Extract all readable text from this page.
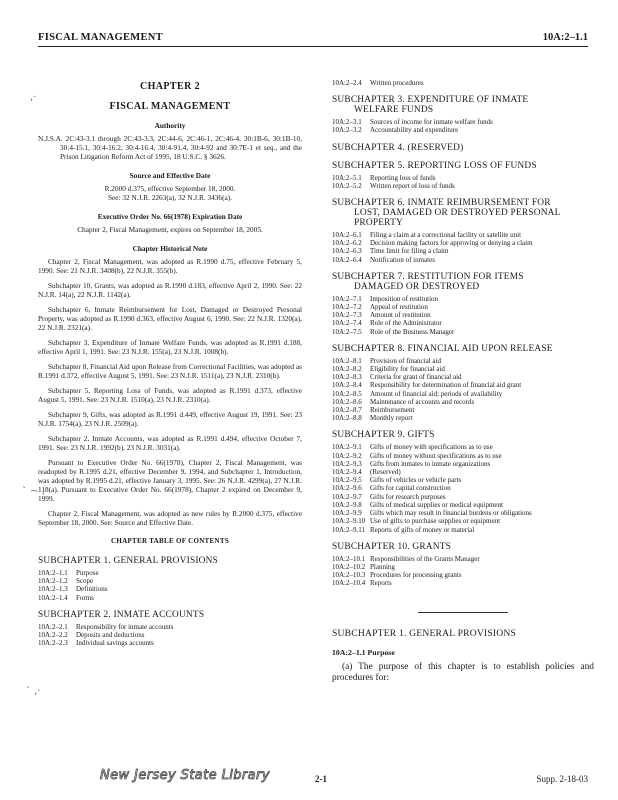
FISCAL MANAGEMENT	10A:2–1.1
,·
` ~ ,
` ,·
CHAPTER 2
FISCAL MANAGEMENT
Authority
N.J.S.A. 2C:43-3.1 through 2C:43-3.3, 2C:44-6, 2C:46-1, 2C:46-4, 30:1B-6, 30:1B-10, 30:4-15.1, 30:4-16.2, 30:4-16.4, 30:4-91.4, 30:4-92 and 30:7E-1 et seq., and the Prison Litigation Reform Act of 1995, 18 U.S.C. § 3626.
Source and Effective Date
R.2000 d.375, effective September 18, 2000.
See: 32 N.J.R. 2263(a), 32 N.J.R. 3436(a).
Executive Order No. 66(1978) Expiration Date
Chapter 2, Fiscal Management, expires on September 18, 2005.
Chapter Historical Note

Chapter 2, Fiscal Management, was adopted as R.1990 d.75, effective February 5, 1990. See: 21 N.J.R. 3408(b), 22 N.J.R. 355(b).

Subchapter 10, Grants, was adopted as R.1990 d.183, effective April 2, 1990. See: 22 N.J.R. 14(a), 22 N.J.R. 1142(a).

Subchapter 6, Inmate Reimbursement for Lost, Damaged or Destroyed Personal Property, was adopted as R.1990 d.363, effective August 6, 1990. See: 22 N.J.R. 1320(a), 22 N.J.R. 2321(a).

Subchapter 3, Expenditure of Inmate Welfare Funds, was adopted as R.1991 d.188, effective April 1, 1991. See: 23 N.J.R. 155(a), 23 N.J.R. 1008(b).

Subchapter 8, Financial Aid upon Release from Correctional Facilities, was adopted as R.1991 d.372, effective August 5, 1991. See: 23 N.J.R. 1511(a), 23 N.J.R. 2310(b).

Subchapter 5, Reporting Loss of Funds, was adopted as R.1991 d.373, effective August 5, 1991. See: 23 N.J.R. 1510(a), 23 N.J.R. 2310(a).

Subchapter 9, Gifts, was adopted as R.1991 d.449, effective August 19, 1991. See: 23 N.J.R. 1754(a), 23 N.J.R. 2509(a).

Subchapter 2, Inmate Accounts, was adopted as R.1991 d.494, effective October 7, 1991. See: 23 N.J.R. 1992(b), 23 N.J.R. 3031(a).

Pursuant to Executive Order No. 66(1978), Chapter 2, Fiscal Management, was readopted by R.1995 d.21, effective December 9, 1994, and Subchapter 1, Introduction, was adopted by R.1995 d.21, effective January 3, 1995. See: 26 N.J.R. 4299(a), 27 N.J.R. 118(a). Pursuant to Executive Order No. 66(1978), Chapter 2 expired on December 9, 1999.

Chapter 2, Fiscal Management, was adopted as new rules by R.2000 d.375, effective September 18, 2000. See: Source and Effective Date.

CHAPTER TABLE OF CONTENTS
SUBCHAPTER 1. GENERAL PROVISIONS
10A:2–1.1	Purpose
10A:2–1.2	Scope
10A:2–1.3	Definitions
10A:2–1.4	Forms
SUBCHAPTER 2. INMATE ACCOUNTS
10A:2–2.1	Responsibility for inmate accounts
10A:2–2.2	Deposits and deductions
10A:2–2.3	Individual savings accounts
10A:2–2.4	Written procedures
SUBCHAPTER 3. EXPENDITURE OF INMATE
WELFARE FUNDS
10A:2–3.1	Sources of income for inmate welfare funds
10A:2–3.2	Accountability and expenditure
SUBCHAPTER 4. (RESERVED)
SUBCHAPTER 5. REPORTING LOSS OF FUNDS
10A:2–5.1	Reporting loss of funds
10A:2–5.2	Written report of loss of funds
SUBCHAPTER 6. INMATE REIMBURSEMENT FOR
LOST, DAMAGED OR DESTROYED PERSONAL
PROPERTY
10A:2–6.1	Filing a claim at a correctional facility or satellite unit
10A:2–6.2	Decision making factors for approving or denying a claim
10A:2–6.3	Time limit for filing a claim
10A:2–6.4	Notification of inmates
SUBCHAPTER 7. RESTITUTION FOR ITEMS
DAMAGED OR DESTROYED
10A:2–7.1	Imposition of restitution
10A:2–7.2	Appeal of restitution
10A:2–7.3	Amount of restitution
10A:2–7.4	Role of the Administrator
10A:2–7.5	Role of the Business Manager
SUBCHAPTER 8. FINANCIAL AID UPON RELEASE
10A:2–8.1	Provision of financial aid
10A:2–8.2	Eligibility for financial aid
10A:2–8.3	Criteria for grant of financial aid
10A:2–8.4	Responsibility for determination of financial aid grant
10A:2–8.5	Amount of financial aid; periods of availability
10A:2–8.6	Maintenance of accounts and records
10A:2–8.7	Reimbursement
10A:2–8.8	Monthly report
SUBCHAPTER 9. GIFTS
10A:2–9.1	Gifts of money with specifications as to use
10A:2–9.2	Gifts of money without specifications as to use
10A:2–9.3	Gifts from inmates to inmate organizations
10A:2–9.4	(Reserved)
10A:2–9.5	Gifts of vehicles or vehicle parts
10A:2–9.6	Gifts for capital construction
10A:2–9.7	Gifts for research purposes
10A:2–9.8	Gifts of medical supplies or medical equipment
10A:2–9.9	Gifts which may result in financial burdens or obligations
10A:2–9.10 Use of gifts to purchase supplies or equipment
10A:2–9.11 Reports of gifts of money or material
SUBCHAPTER 10. GRANTS
10A:2–10.1 Responsibilities of the Grants Manager
10A:2–10.2 Planning
10A:2–10.3 Procedures for processing grants
10A:2–10.4 Reports
SUBCHAPTER 1. GENERAL PROVISIONS
10A:2–1.1 Purpose

(a) The purpose of this chapter is to establish policies and procedures for:

New Jersey State Library	2-1	Supp. 2-18-03
